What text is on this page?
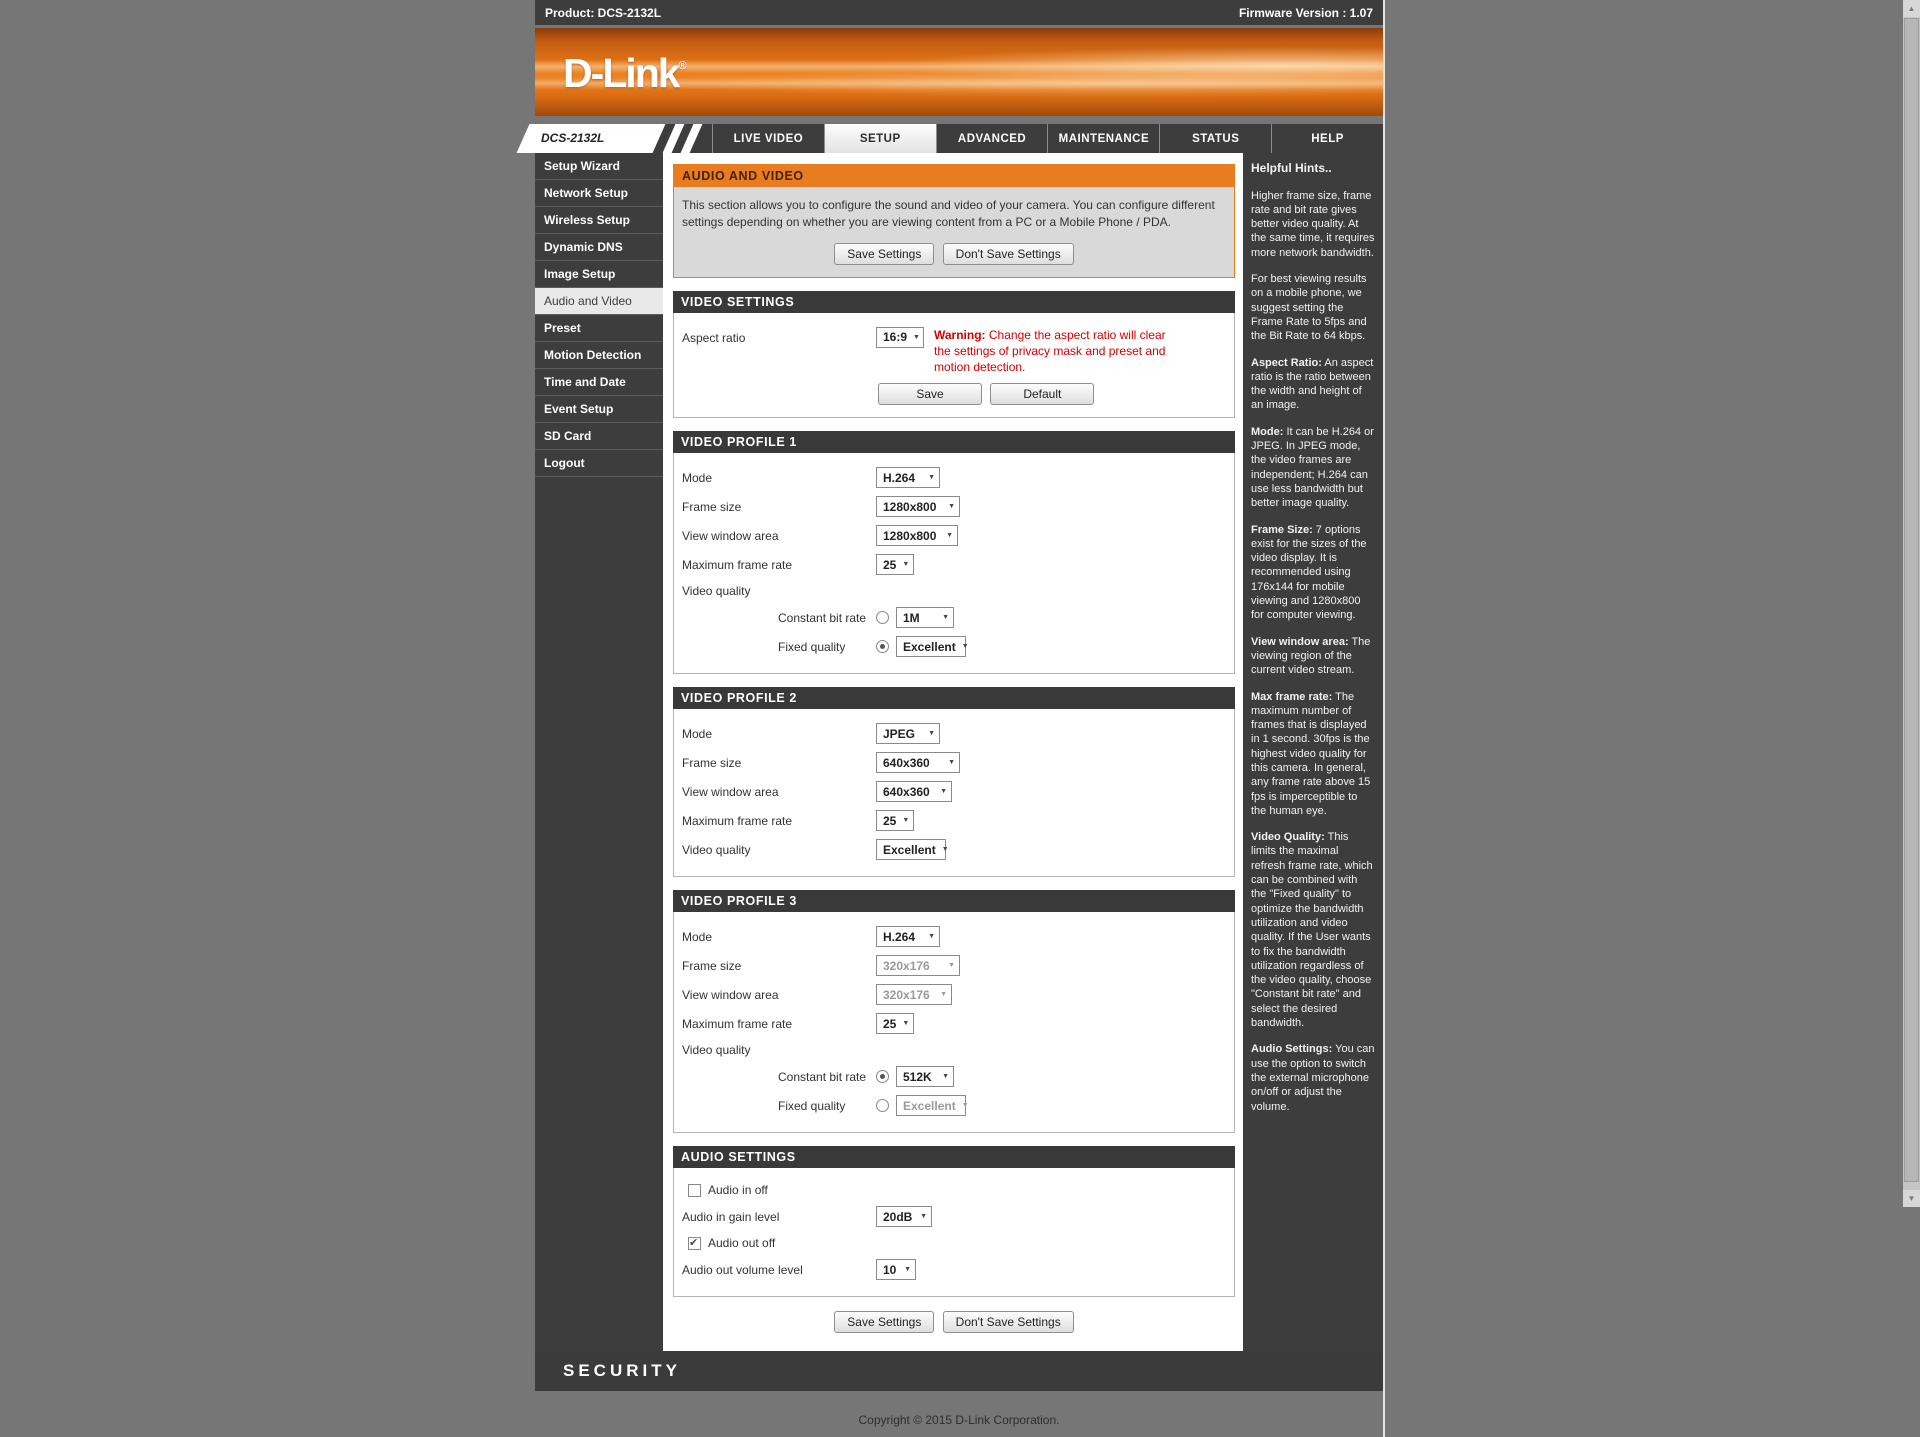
Product: DCS-2132L	Firmware Version : 1.07
D-Link®
DCS-2132L	LIVE VIDEO	SETUP	ADVANCED	MAINTENANCE	STATUS	HELP
Setup Wizard
Network Setup
Wireless Setup
Dynamic DNS
Image Setup
Audio and Video
Preset
Motion Detection
Time and Date
Event Setup
SD Card
Logout
AUDIO AND VIDEO
This section allows you to configure the sound and video of your camera. You can configure different settings depending on whether you are viewing content from a PC or a Mobile Phone / PDA.
Save Settings	Don't Save Settings
VIDEO SETTINGS
Aspect ratio	16:9 ▼ Warning: Change the aspect ratio will clear the settings of privacy mask and preset and motion detection.
Save	Default
VIDEO PROFILE 1
Mode	H.264 ▼
Frame size	1280x800 ▼
View window area	1280x800 ▼
Maximum frame rate	25 ▼
Video quality
Constant bit rate	1M	▼
Fixed quality	Excellent ▼
VIDEO PROFILE 2
Mode	JPEG ▼
Frame size	640x360	▼
View window area	640x360 ▼
Maximum frame rate	25 ▼
Video quality	Excellent ▼
VIDEO PROFILE 3
Mode	H.264 ▼
Frame size	320x176	▼
View window area	320x176 ▼
Maximum frame rate	25 ▼
Video quality
Constant bit rate	512K ▼
Fixed quality	Excellent ▼
AUDIO SETTINGS
Audio in off
Audio in gain level	20dB ▼
✔
Audio out off
Audio out volume level	10 ▼
Save Settings	Don't Save Settings
Helpful Hints..

Higher frame size, frame rate and bit rate gives better video quality. At the same time, it requires more network bandwidth.

For best viewing results on a mobile phone, we suggest setting the Frame Rate to 5fps and the Bit Rate to 64 kbps.

Aspect Ratio: An aspect ratio is the ratio between the width and height of an image.

Mode: It can be H.264 or JPEG. In JPEG mode, the video frames are independent; H.264 can use less bandwidth but better image quality.

Frame Size: 7 options exist for the sizes of the video display. It is recommended using 176x144 for mobile viewing and 1280x800 for computer viewing.

View window area: The viewing region of the current video stream.

Max frame rate: The maximum number of frames that is displayed in 1 second. 30fps is the highest video quality for this camera. In general, any frame rate above 15 fps is imperceptible to the human eye.

Video Quality: This limits the maximal refresh frame rate, which can be combined with the "Fixed quality" to optimize the bandwidth utilization and video quality. If the User wants to fix the bandwidth utilization regardless of the video quality, choose "Constant bit rate" and select the desired bandwidth.

Audio Settings: You can use the option to switch the external microphone on/off or adjust the volume.

SECURITY
Copyright © 2015 D-Link Corporation.
▲
▼
